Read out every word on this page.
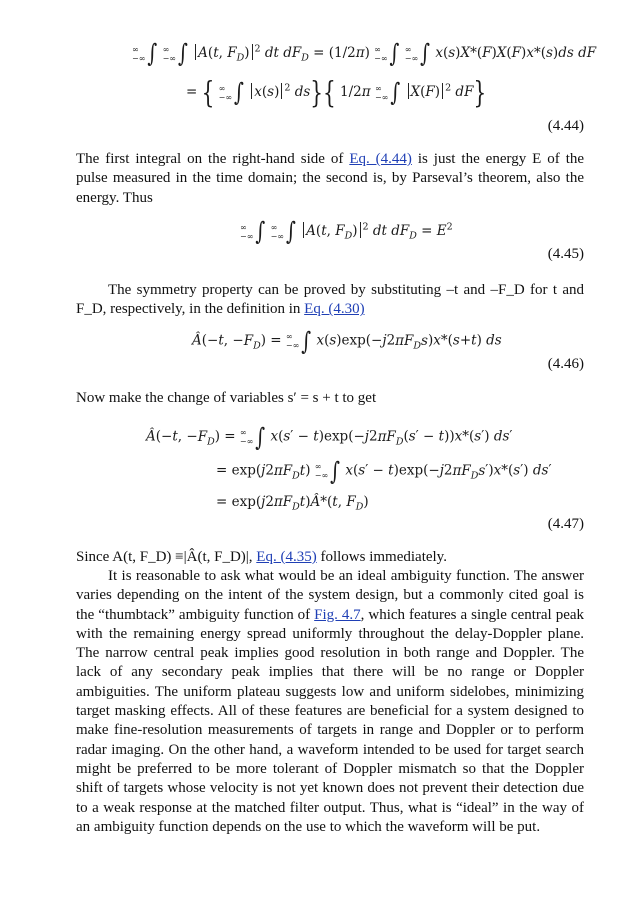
∞
−∞ ∫ ∞
−∞ ∫ A(t, $F_D$) $^2$ dt $dF_D = (1/2\pi)$ ∞
−∞ ∫ ∞
−∞ ∫ x(s)X*(F)X(F)x*(s)ds dF
= { ∞
−∞ ∫ x(s) $^2$ ds}{ 1/2π ∞
−∞ ∫ X(F) $^2$ dF}
(4.44)

The first integral on the right-hand side of Eq. (4.44) is just the energy E of the pulse measured in the time domain; the second is, by Parseval’s theorem, also the energy. Thus

∞
−∞ ∫ ∞
−∞ ∫ A(t, $F_D$) $^2$ dt $dF_D = E^2$
(4.45)

The symmetry property can be proved by substituting –t and –F_D for t and F_D, respectively, in the definition in Eq. (4.30)

Â(−t, $-F_D$) = ∞
−∞ ∫ $x(s)\exp(-j2\pi F_Ds)x*(s+t)$ ds
(4.46)

Now make the change of variables s′ = s + t to get

Â(−t, $-F_D$) = ∞
−∞ ∫ $x(s' - t)\exp(-j2\pi F_D(s' - t))x*(s')$ ds′
= $\exp(j2\pi F_Dt)$ ∞
−∞ ∫ $x(s' - t)\exp(-j2\pi F_Ds')x*(s')$ ds′
= $\exp(j2\pi F_Dt)Â*(t$, $F_D$)
(4.47)

Since A(t, F_D) ≡|Â(t, F_D)|, Eq. (4.35) follows immediately.

It is reasonable to ask what would be an ideal ambiguity function. The answer varies depending on the intent of the system design, but a commonly cited goal is the “thumbtack” ambiguity function of Fig. 4.7, which features a single central peak with the remaining energy spread uniformly throughout the delay-Doppler plane. The narrow central peak implies good resolution in both range and Doppler. The lack of any secondary peak implies that there will be no range or Doppler ambiguities. The uniform plateau suggests low and uniform sidelobes, minimizing target masking effects. All of these features are beneficial for a system designed to make fine-resolution measurements of targets in range and Doppler or to perform radar imaging. On the other hand, a waveform intended to be used for target search might be preferred to be more tolerant of Doppler mismatch so that the Doppler shift of targets whose velocity is not yet known does not prevent their detection due to a weak response at the matched filter output. Thus, what is “ideal” in the way of an ambiguity function depends on the use to which the waveform will be put.
